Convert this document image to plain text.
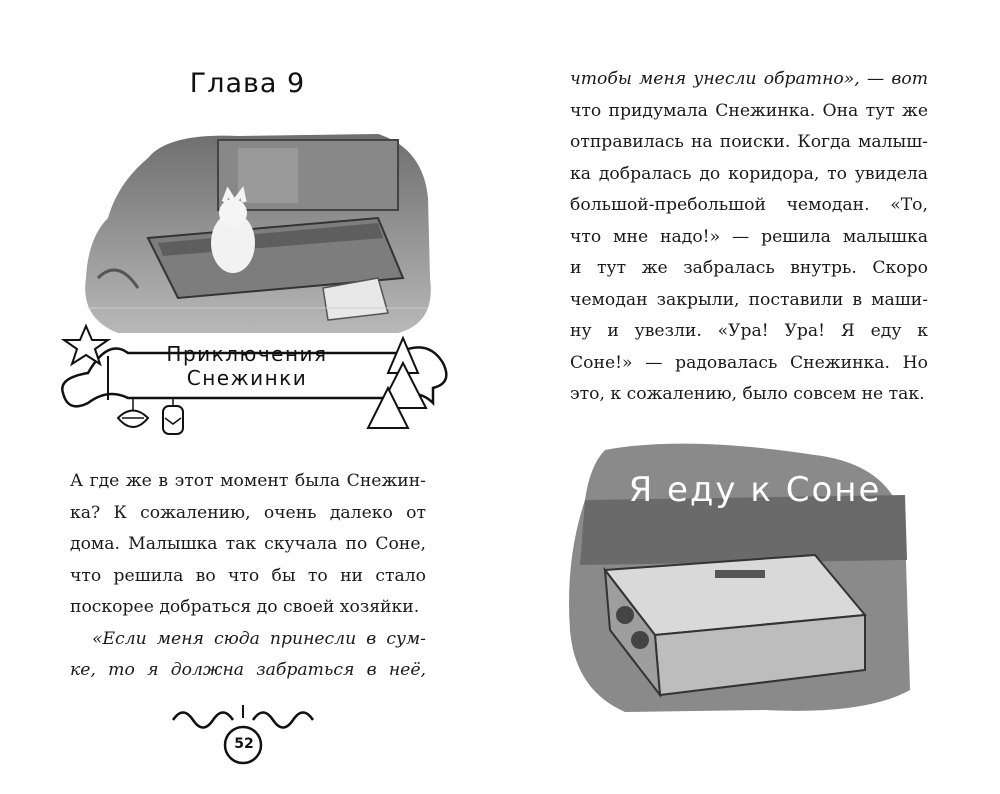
Глава 9
Приключения Снежинки

А где же в этот момент была Снежин-

ка? К сожалению, очень далеко от

дома. Малышка так скучала по Соне,

что решила во что бы то ни стало

поскорее добраться до своей хозяйки.

«Если меня сюда принесли в сум-

ке, то я должна забраться в неё,

52

чтобы меня унесли обратно», — вот

что придумала Снежинка. Она тут же

отправилась на поиски. Когда малыш-

ка добралась до коридора, то увидела

большой-пребольшой чемодан. «То,

что мне надо!» — решила малышка

и тут же забралась внутрь. Скоро

чемодан закрыли, поставили в маши-

ну и увезли. «Ура! Ура! Я еду к

Соне!» — радовалась Снежинка. Но

это, к сожалению, было совсем не так.

Я еду к Соне
